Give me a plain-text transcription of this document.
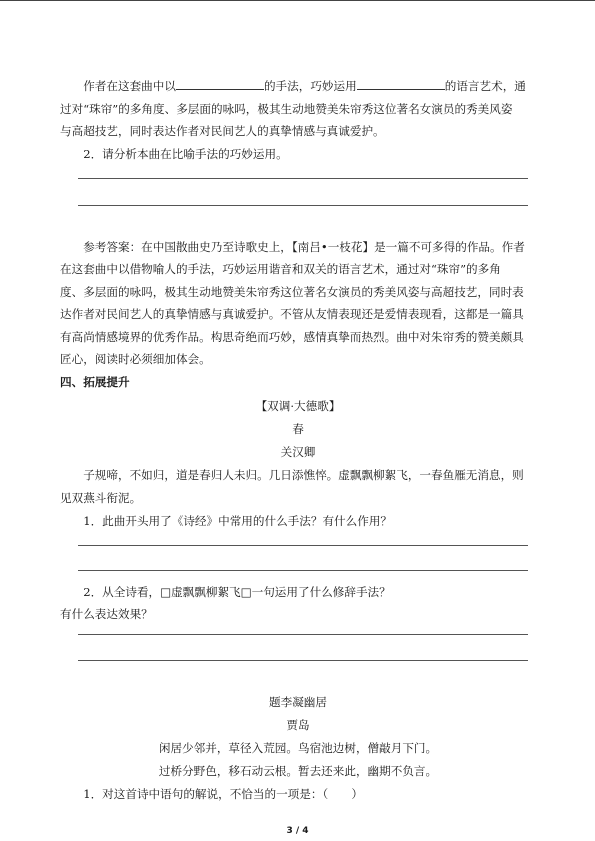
作者在这套曲中以	的手法，巧妙运用	的语言艺术，通
过对“珠帘”的多角度、多层面的咏吗，极其生动地赞美朱帘秀这位著名女演员的秀美风姿
与高超技艺，同时表达作者对民间艺人的真挚情感与真诚爱护。
2．请分析本曲在比喻手法的巧妙运用。
参考答案：在中国散曲史乃至诗歌史上，【南吕•一枝花】是一篇不可多得的作品。作者
在这套曲中以借物喻人的手法，巧妙运用谐音和双关的语言艺术，通过对“珠帘”的多角
度、多层面的咏吗，极其生动地赞美朱帘秀这位著名女演员的秀美风姿与高超技艺，同时表
达作者对民间艺人的真挚情感与真诚爱护。不管从友情表现还是爱情表现看，这都是一篇具
有高尚情感境界的优秀作品。构思奇绝而巧妙，感情真挚而热烈。曲中对朱帘秀的赞美颇具
匠心，阅读时必须细加体会。
四、拓展提升
【双调·大德歌】
春
关汉卿
子规啼，不如归，道是春归人未归。几日添憔悴。虚飘飘柳絮飞，一春鱼雁无消息，则
见双燕斗衔泥。
1．此曲开头用了《诗经》中常用的什么手法？有什么作用？
2．从全诗看，□虚飘飘柳絮飞□一句运用了什么修辞手法？
有什么表达效果？
题李凝幽居
贾岛
闲居少邻并，草径入荒园。鸟宿池边树，僧敲月下门。
过桥分野色，移石动云根。暂去还来此，幽期不负言。
1．对这首诗中语句的解说，不恰当的一项是：（　　）
3 / 4
